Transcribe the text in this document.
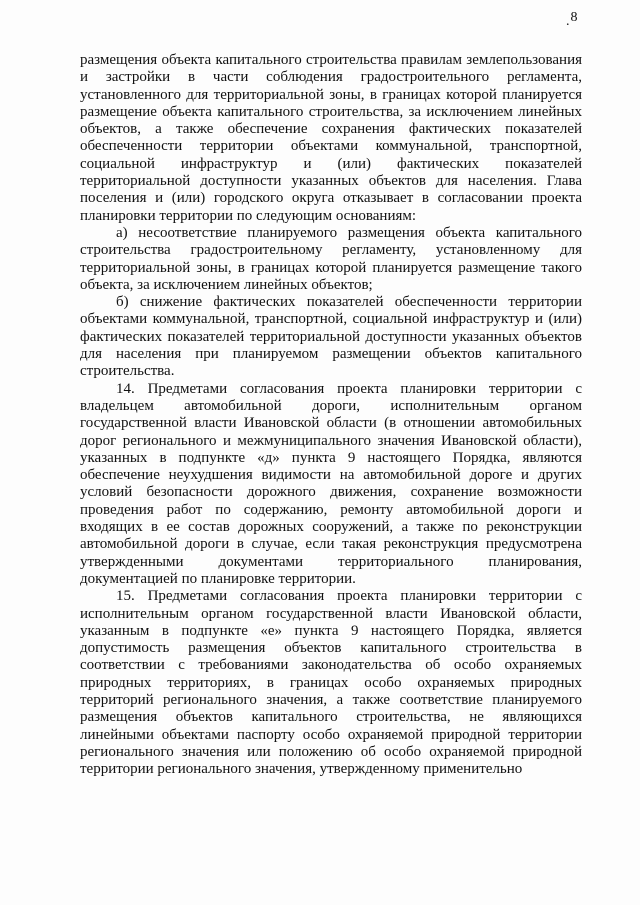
.8

размещения объекта капитального строительства правилам землепользования и застройки в части соблюдения градостроительного регламента, установленного для территориальной зоны, в границах которой планируется размещение объекта капитального строительства, за исключением линейных объектов, а также обеспечение сохранения фактических показателей обеспеченности территории объектами коммунальной, транспортной, социальной инфраструктур и (или) фактических показателей территориальной доступности указанных объектов для населения. Глава поселения и (или) городского округа отказывает в согласовании проекта планировки территории по следующим основаниям:

а) несоответствие планируемого размещения объекта капитального строительства градостроительному регламенту, установленному для территориальной зоны, в границах которой планируется размещение такого объекта, за исключением линейных объектов;

б) снижение фактических показателей обеспеченности территории объектами коммунальной, транспортной, социальной инфраструктур и (или) фактических показателей территориальной доступности указанных объектов для населения при планируемом размещении объектов капитального строительства.

14. Предметами согласования проекта планировки территории с владельцем автомобильной дороги, исполнительным органом государственной власти Ивановской области (в отношении автомобильных дорог регионального и межмуниципального значения Ивановской области), указанных в подпункте «д» пункта 9 настоящего Порядка, являются обеспечение неухудшения видимости на автомобильной дороге и других условий безопасности дорожного движения, сохранение возможности проведения работ по содержанию, ремонту автомобильной дороги и входящих в ее состав дорожных сооружений, а также по реконструкции автомобильной дороги в случае, если такая реконструкция предусмотрена утвержденными документами территориального планирования, документацией по планировке территории.

15. Предметами согласования проекта планировки территории с исполнительным органом государственной власти Ивановской области, указанным в подпункте «е» пункта 9 настоящего Порядка, является допустимость размещения объектов капитального строительства в соответствии с требованиями законодательства об особо охраняемых природных территориях, в границах особо охраняемых природных территорий регионального значения, а также соответствие планируемого размещения объектов капитального строительства, не являющихся линейными объектами паспорту особо охраняемой природной территории регионального значения или положению об особо охраняемой природной территории регионального значения, утвержденному применительно
